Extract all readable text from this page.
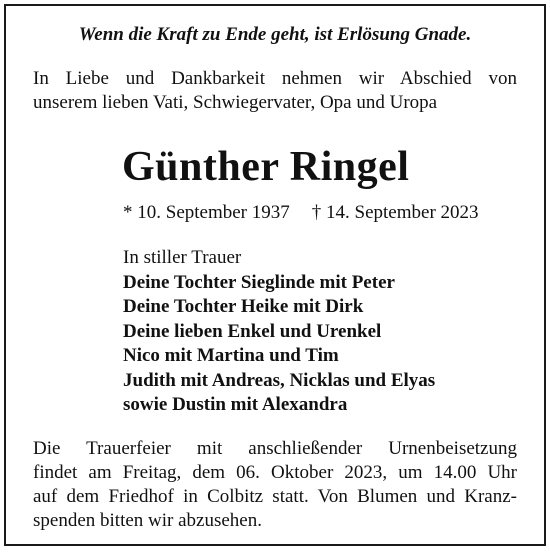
Wenn die Kraft zu Ende geht, ist Erlösung Gnade.
In Liebe und Dankbarkeit nehmen wir Abschied von
unserem lieben Vati, Schwiegervater, Opa und Uropa
Günther Ringel
* 10. September 1937 † 14. September 2023
In stiller Trauer
Deine Tochter Sieglinde mit Peter
Deine Tochter Heike mit Dirk
Deine lieben Enkel und Urenkel
Nico mit Martina und Tim
Judith mit Andreas, Nicklas und Elyas
sowie Dustin mit Alexandra
Die Trauerfeier mit anschließender Urnenbeisetzung
findet am Freitag, dem 06. Oktober 2023, um 14.00 Uhr
auf dem Friedhof in Colbitz statt. Von Blumen und Kranz-
spenden bitten wir abzusehen.
